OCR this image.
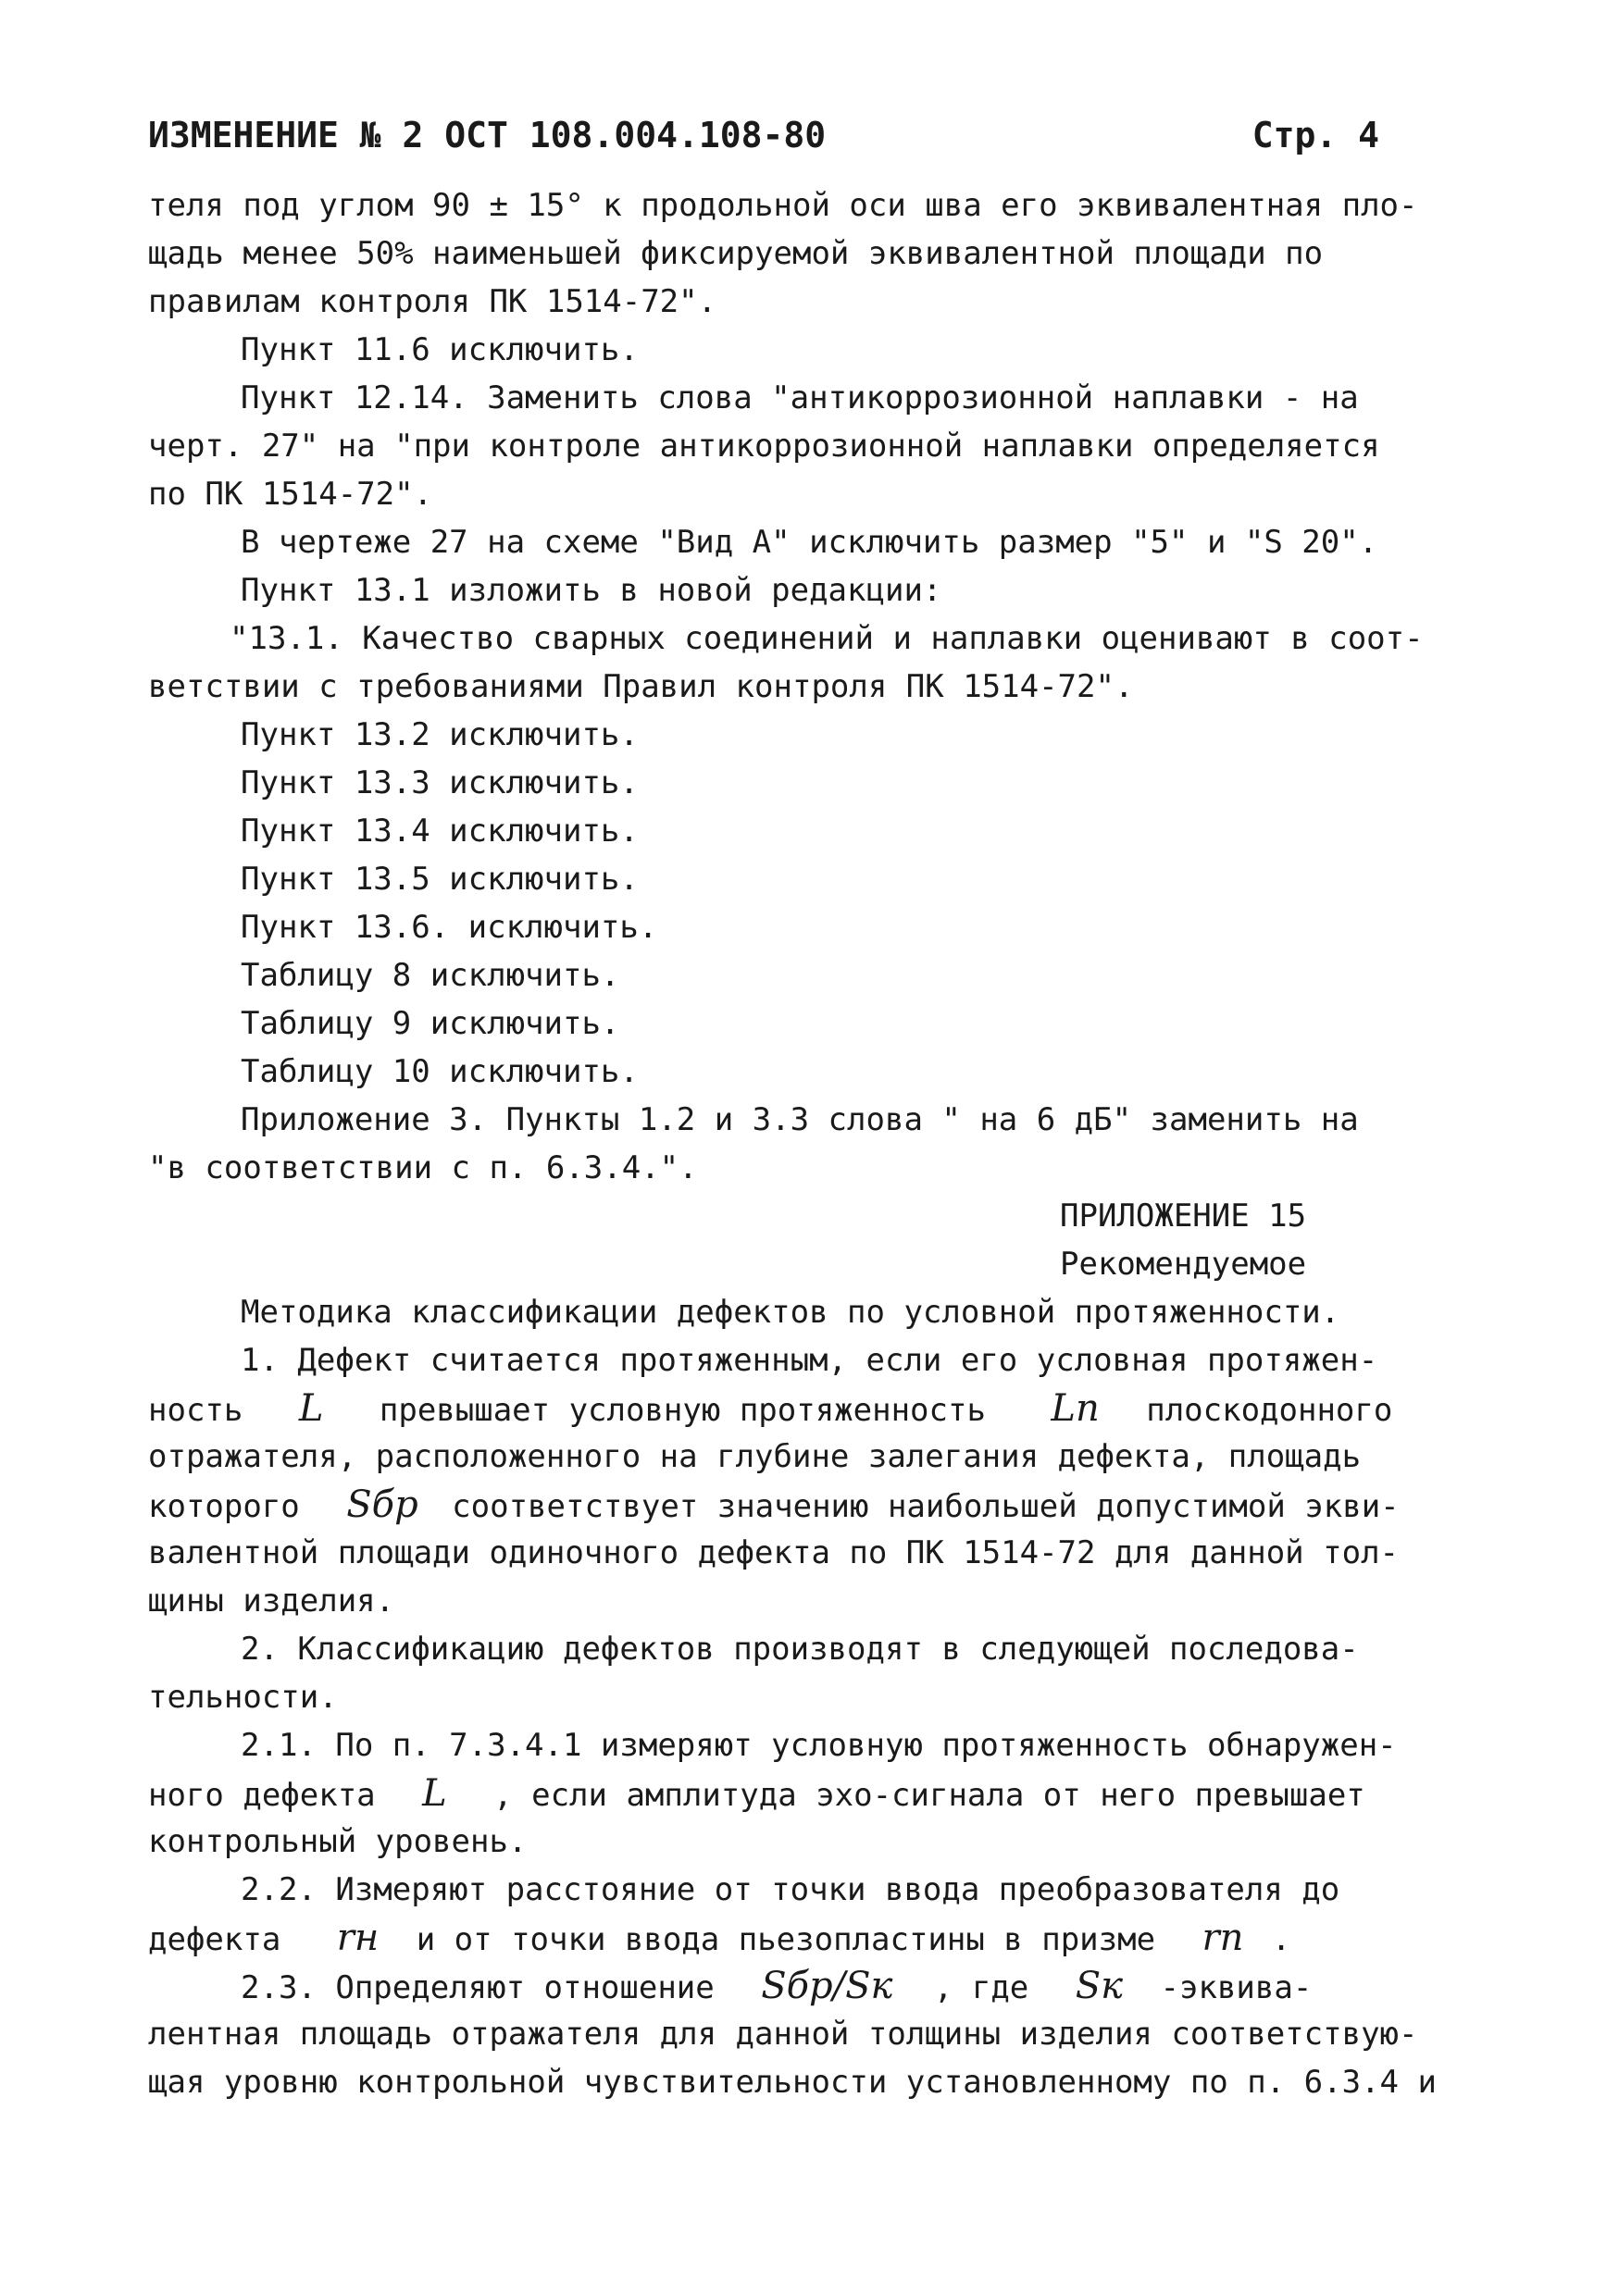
ИЗМЕНЕНИЕ № 2 ОСТ 108.004.108-80	Стр. 4
теля под углом 90 ± 15° к продольной оси шва его эквивалентная пло-
щадь менее 50% наименьшей фиксируемой эквивалентной площади по
правилам контроля ПК 1514-72".
Пункт 11.6 исключить.
Пункт 12.14. Заменить слова "антикоррозионной наплавки - на
черт. 27" на "при контроле антикоррозионной наплавки определяется
по ПК 1514-72".
В чертеже 27 на схеме "Вид А" исключить размер "5" и "S 20".
Пункт 13.1 изложить в новой редакции:
"13.1. Качество сварных соединений и наплавки оценивают в соот-
ветствии с требованиями Правил контроля ПК 1514-72".
Пункт 13.2 исключить.
Пункт 13.3 исключить.
Пункт 13.4 исключить.
Пункт 13.5 исключить.
Пункт 13.6. исключить.
Таблицу 8 исключить.
Таблицу 9 исключить.
Таблицу 10 исключить.
Приложение 3. Пункты 1.2 и 3.3 слова " на 6 дБ" заменить на
"в соответствии с п. 6.3.4.".
ПРИЛОЖЕНИЕ 15
Рекомендуемое
Методика классификации дефектов по условной протяженности.
1. Дефект считается протяженным, если его условная протяжен-
ность L превышает условную протяженность Ln плоскодонного
отражателя, расположенного на глубине залегания дефекта, площадь
которого Sбр соответствует значению наибольшей допустимой экви-
валентной площади одиночного дефекта по ПК 1514-72 для данной тол-
щины изделия.
2. Классификацию дефектов производят в следующей последова-
тельности.
2.1. По п. 7.3.4.1 измеряют условную протяженность обнаружен-
ного дефекта L , если амплитуда эхо-сигнала от него превышает
контрольный уровень.
2.2. Измеряют расстояние от точки ввода преобразователя до
дефекта rн и от точки ввода пьезопластины в призме rп .
2.3. Определяют отношение Sбр/Sк , где Sк -эквива-
лентная площадь отражателя для данной толщины изделия соответствую-
щая уровню контрольной чувствительности установленному по п. 6.3.4 и
